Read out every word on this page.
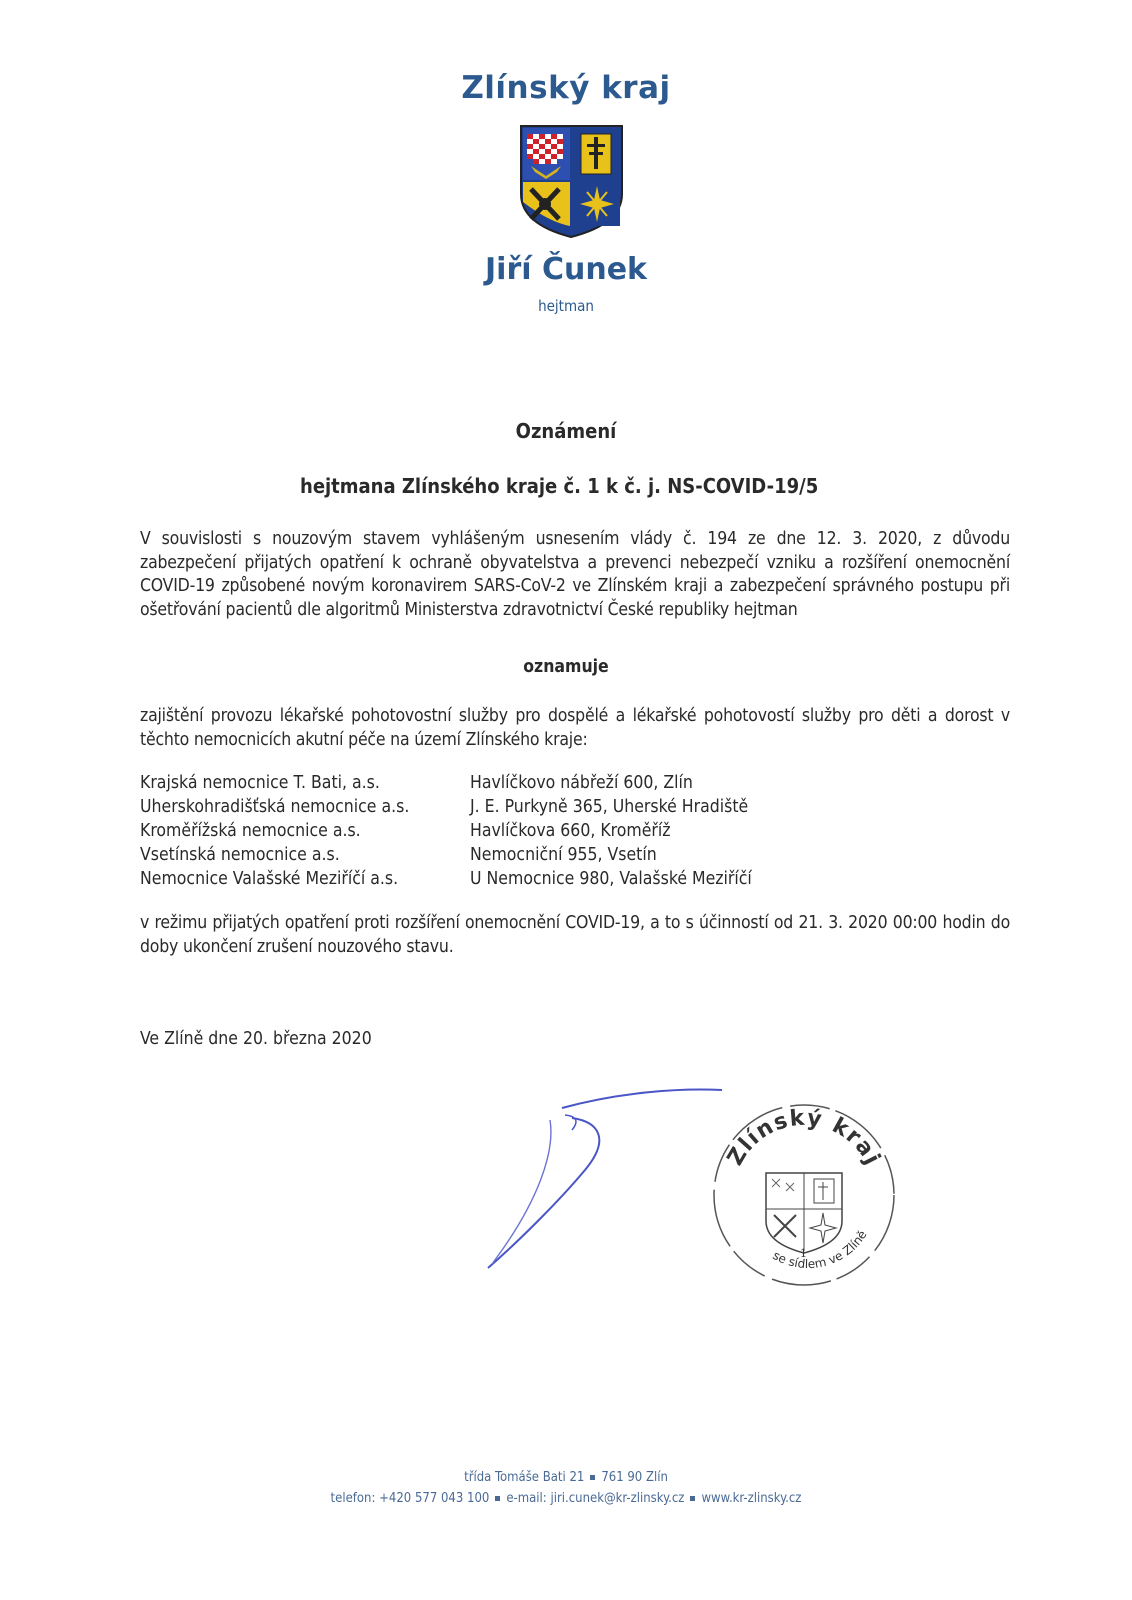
Zlínský kraj
Jiří Čunek
hejtman
Oznámení
hejtmana Zlínského kraje č. 1 k č. j. NS-COVID-19/5
V souvislosti s nouzovým stavem vyhlášeným usnesením vlády č. 194 ze dne 12. 3. 2020, z důvodu zabezpečení přijatých opatření k ochraně obyvatelstva a prevenci nebezpečí vzniku a rozšíření onemocnění COVID-19 způsobené novým koronavirem SARS-CoV-2 ve Zlínském kraji a zabezpečení správného postupu při ošetřování pacientů dle algoritmů Ministerstva zdravotnictví České republiky hejtman
oznamuje
zajištění provozu lékařské pohotovostní služby pro dospělé a lékařské pohotovostí služby pro děti a dorost v těchto nemocnicích akutní péče na území Zlínského kraje:
Krajská nemocnice T. Bati, a.s.	Havlíčkovo nábřeží 600, Zlín
Uherskohradišťská nemocnice a.s.	J. E. Purkyně 365, Uherské Hradiště
Kroměřížská nemocnice a.s.	Havlíčkova 660, Kroměříž
Vsetínská nemocnice a.s.	Nemocniční 955, Vsetín
Nemocnice Valašské Meziříčí a.s.	U Nemocnice 980, Valašské Meziříčí
v režimu přijatých opatření proti rozšíření onemocnění COVID-19, a to s účinností od 21. 3. 2020 00:00 hodin do doby ukončení zrušení nouzového stavu.
Ve Zlíně dne 20. března 2020
Zlínský kraj
se sídlem ve Zlíně
1
třída Tomáše Bati 21 761 90 Zlín
telefon: +420 577 043 100 e-mail: jiri.cunek@kr-zlinsky.cz www.kr-zlinsky.cz
